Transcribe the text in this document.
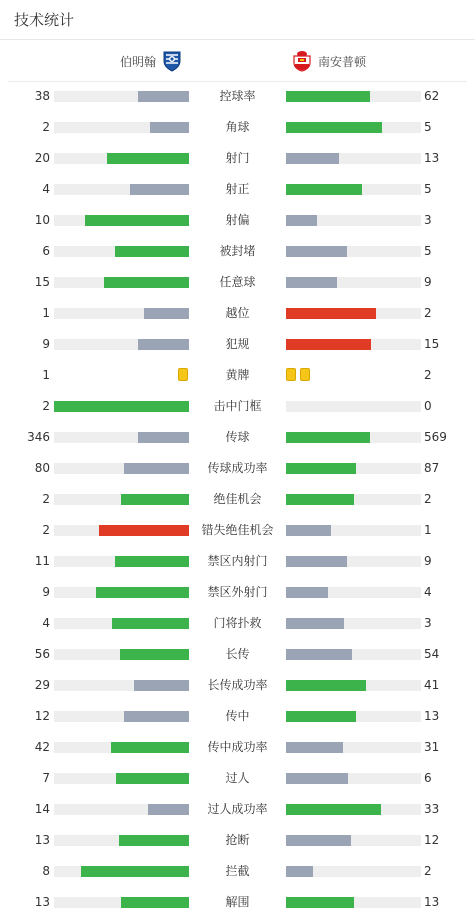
技术统计
伯明翰	南安普顿
38	控球率	62
2	角球	5
20	射门	13
4	射正	5
10	射偏	3
6	被封堵	5
15	任意球	9
1	越位	2
9	犯规	15
1	黄牌	2
2	击中门框	0
346	传球	569
80	传球成功率	87
2	绝佳机会	2
2	错失绝佳机会	1
11	禁区内射门	9
9	禁区外射门	4
4	门将扑救	3
56	长传	54
29	长传成功率	41
12	传中	13
42	传中成功率	31
7	过人	6
14	过人成功率	33
13	抢断	12
8	拦截	2
13	解围	13
